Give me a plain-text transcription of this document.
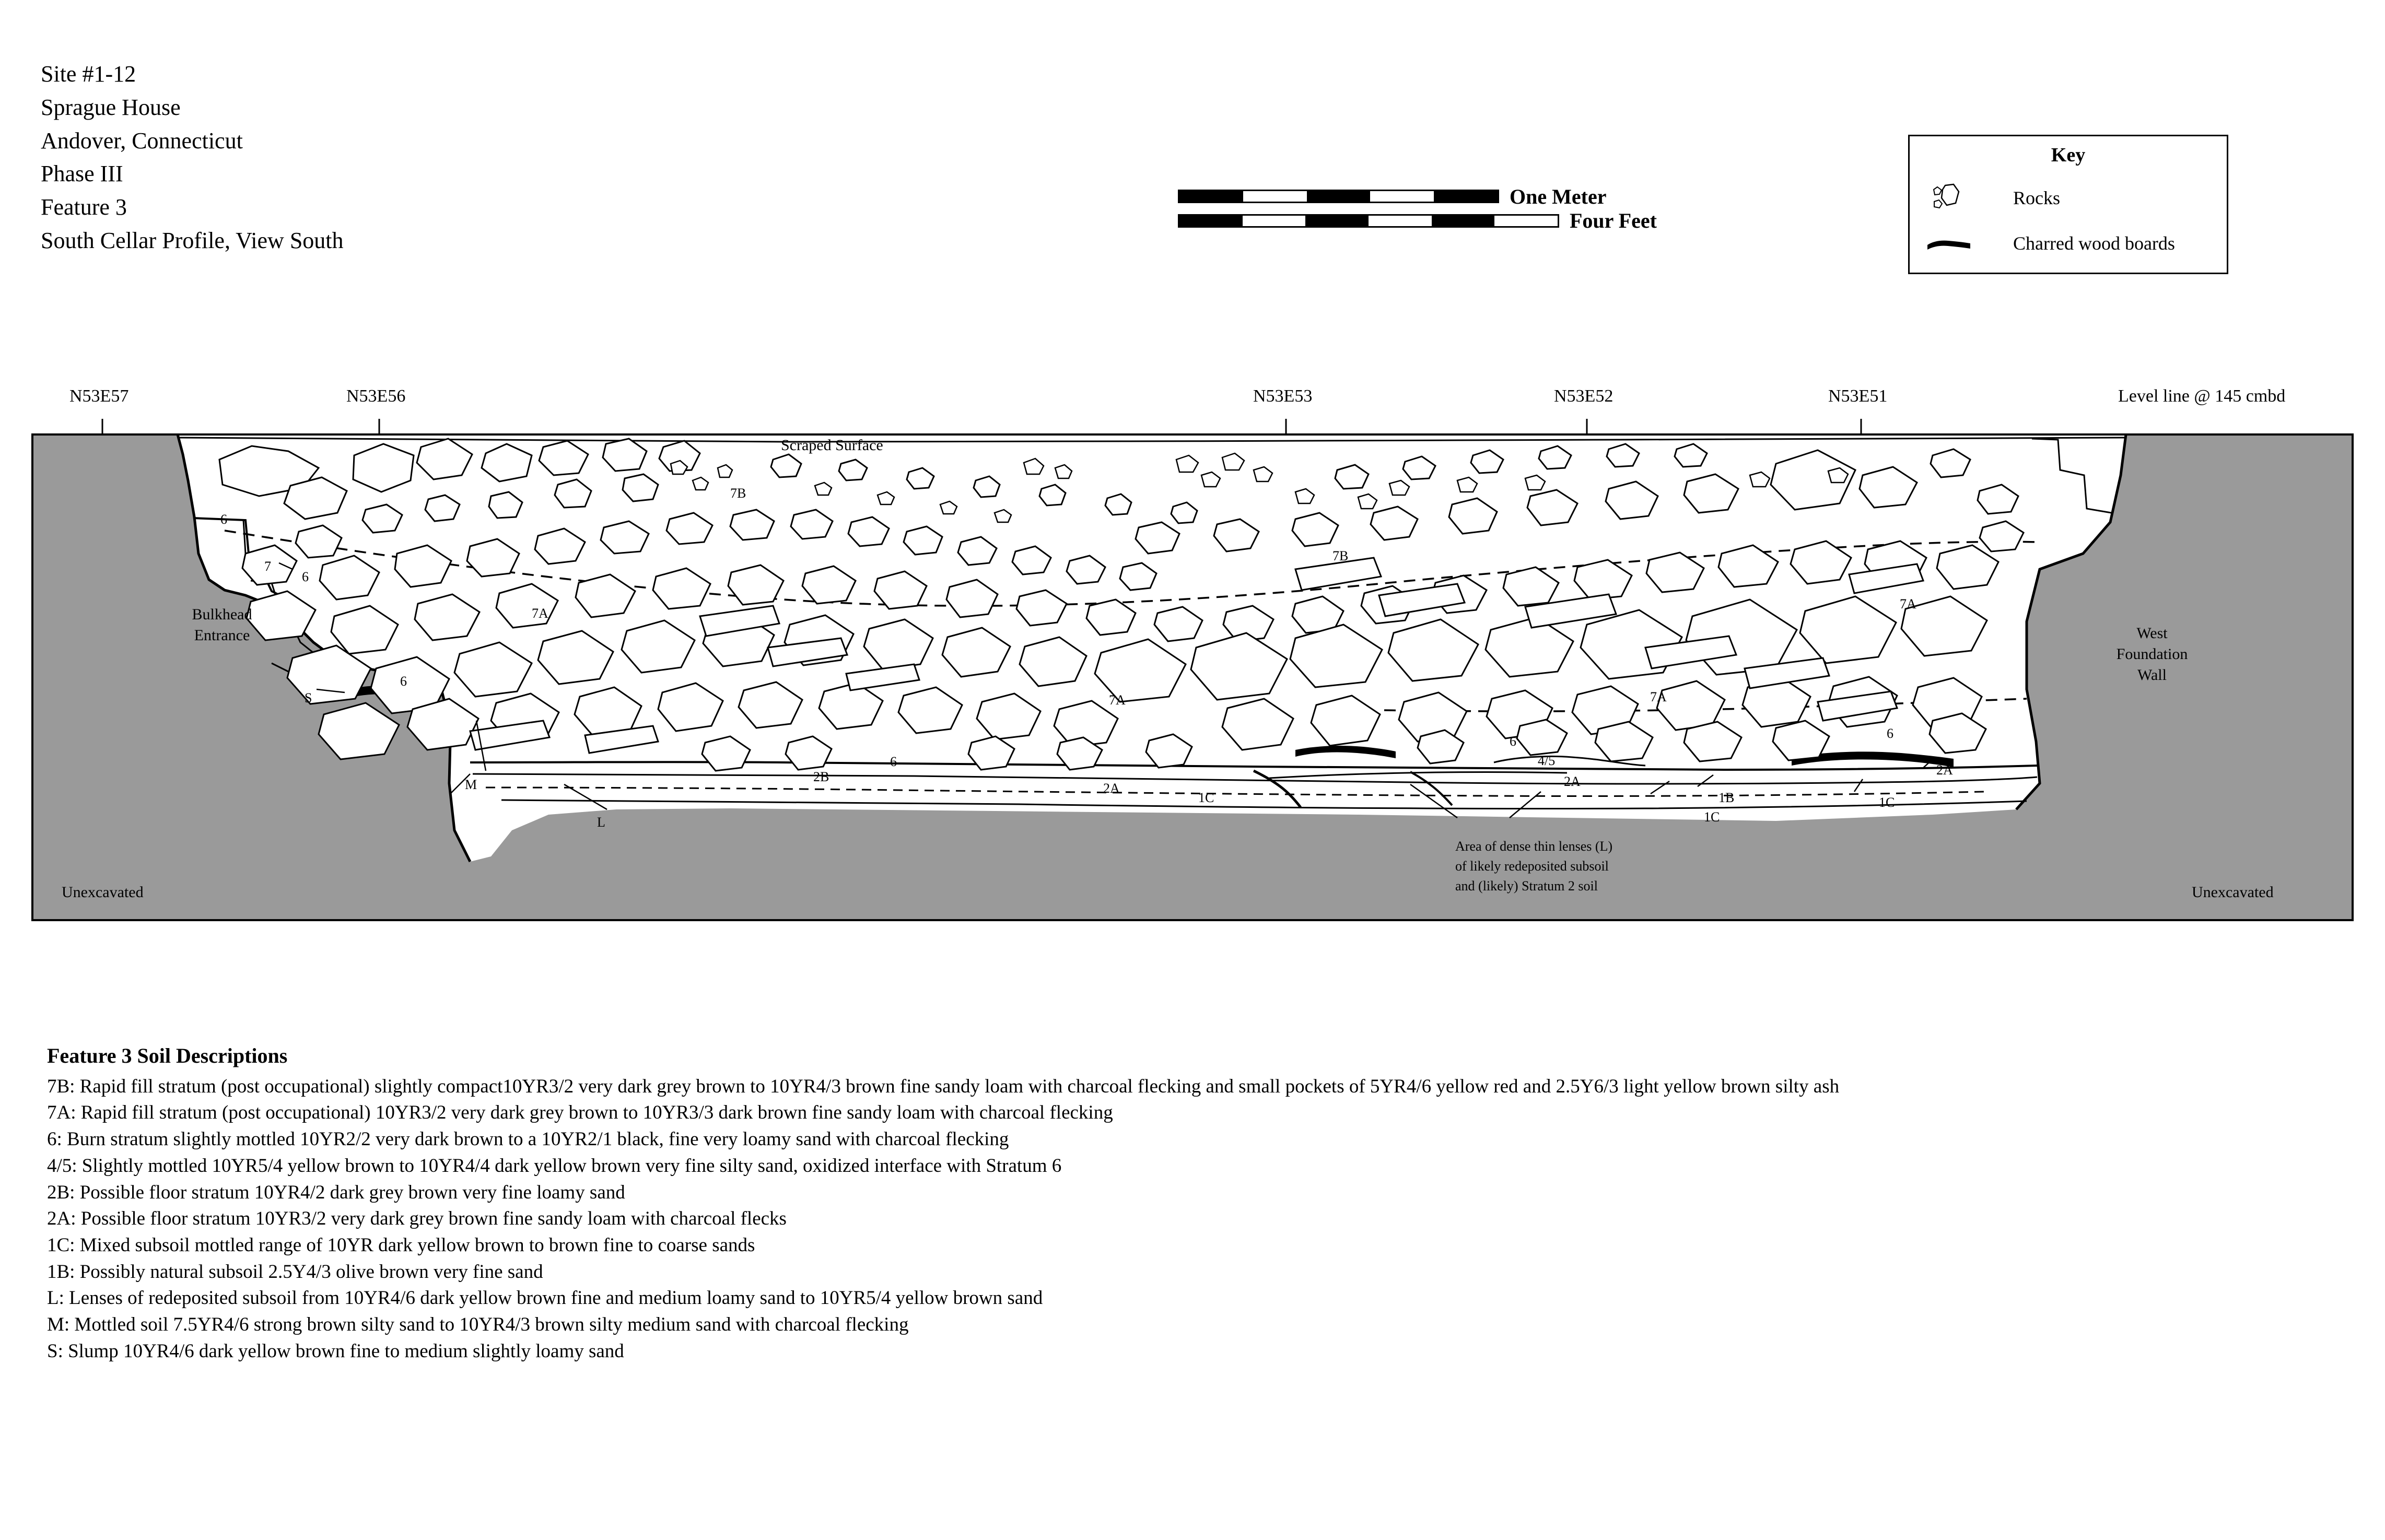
Site #1-12
Sprague House
Andover, Connecticut
Phase III
Feature 3
South Cellar Profile, View South
One Meter
Four Feet
Key
Rocks
Charred wood boards
N53E57	N53E56	N53E53	N53E52	N53E51	Level line @ 145 cmbd
Scraped Surface
Bulkhead
Entrance	West
Foundation
Wall
Unexcavated	Unexcavated
Area of dense thin lenses (L)
of likely redeposited subsoil
and (likely) Stratum 2 soil
6
7
6
7A
7B
7B
6
S
M
L
2B
6
2A
1C
7A	7A
7A
4/5
6
2A
1C
1B	1C
2A
6
Feature 3 Soil Descriptions
7B: Rapid fill stratum (post occupational) slightly compact10YR3/2 very dark grey brown to 10YR4/3 brown fine sandy loam with charcoal flecking and small pockets of 5YR4/6 yellow red and 2.5Y6/3 light yellow brown silty ash
7A: Rapid fill stratum (post occupational) 10YR3/2 very dark grey brown to 10YR3/3 dark brown fine sandy loam with charcoal flecking
6: Burn stratum slightly mottled 10YR2/2 very dark brown to a 10YR2/1 black, fine very loamy sand with charcoal flecking
4/5: Slightly mottled 10YR5/4 yellow brown to 10YR4/4 dark yellow brown very fine silty sand, oxidized interface with Stratum 6
2B: Possible floor stratum 10YR4/2 dark grey brown very fine loamy sand
2A: Possible floor stratum 10YR3/2 very dark grey brown fine sandy loam with charcoal flecks
1C: Mixed subsoil mottled range of 10YR dark yellow brown to brown fine to coarse sands
1B: Possibly natural subsoil 2.5Y4/3 olive brown very fine sand
L: Lenses of redeposited subsoil from 10YR4/6 dark yellow brown fine and medium loamy sand to 10YR5/4 yellow brown sand
M: Mottled soil 7.5YR4/6 strong brown silty sand to 10YR4/3 brown silty medium sand with charcoal flecking
S: Slump 10YR4/6 dark yellow brown fine to medium slightly loamy sand
